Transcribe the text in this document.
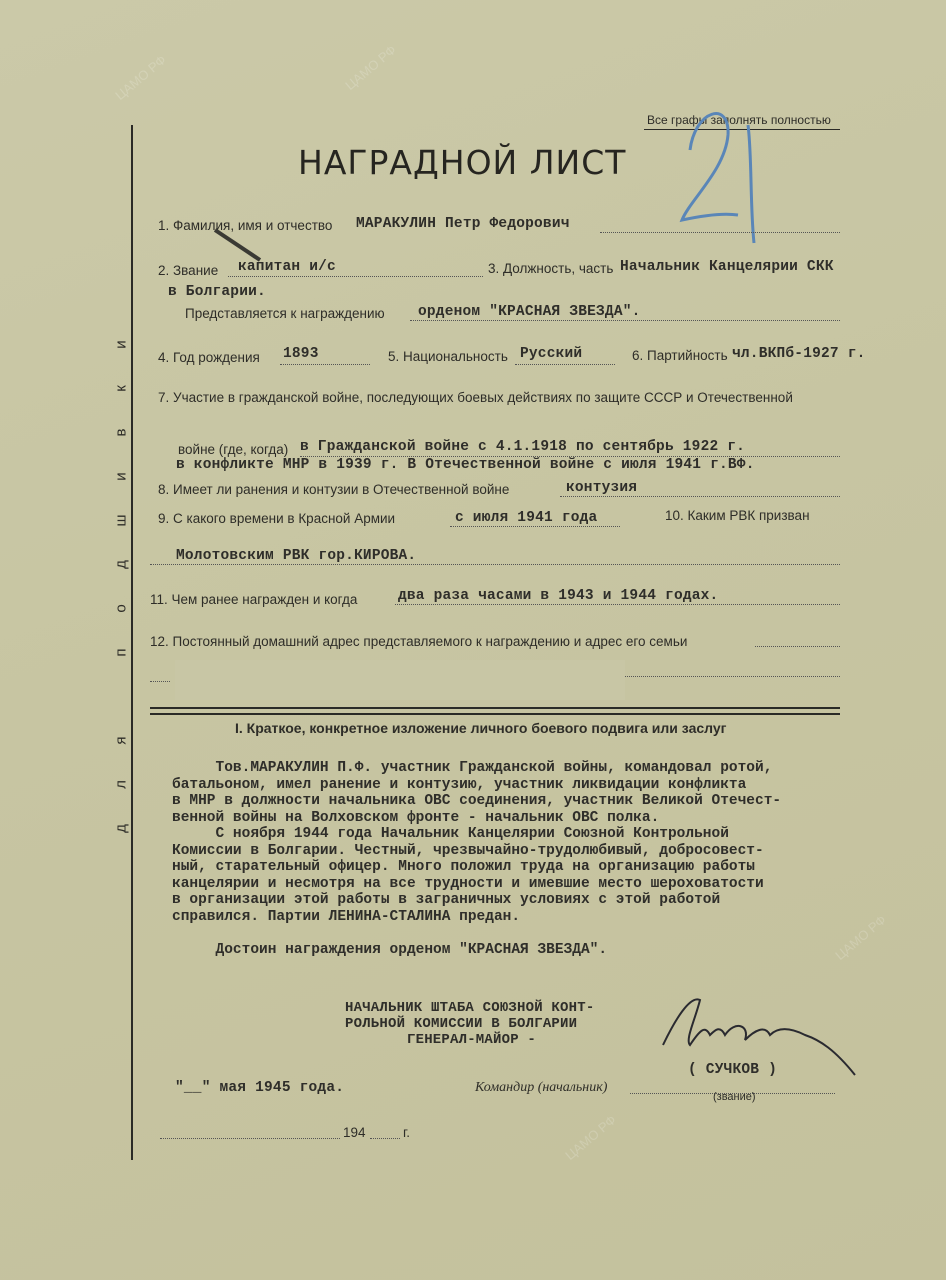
ЦАМО РФ	ЦАМО РФ
ЦАМО РФ
ЦАМО РФ
д
л
я
п
о
д
ш
и
в
к
и
Все графы заполнять полностью
НАГРАДНОЙ ЛИСТ
1. Фамилия, имя и отчество МАРАКУЛИН Петр Федорович
2. Звание капитан и/с	3. Должность, часть Начальник Канцелярии СКК
в Болгарии.
Представляется к награждению орденом "КРАСНАЯ ЗВЕЗДА".
4. Год рождения 1893	5. Национальность Русский	6. Партийность чл.ВКПб-1927 г.
7. Участие в гражданской войне, последующих боевых действиях по защите СССР и Отечественной
войне (где, когда) в Гражданской войне с 4.1.1918 по сентябрь 1922 г.
в конфликте МНР в 1939 г. В Отечественной войне с июля 1941 г.ВФ.
8. Имеет ли ранения и контузии в Отечественной войне	контузия
9. С какого времени в Красной Армии	с июля 1941 года	10. Каким РВК призван
Молотовским РВК гор.КИРОВА.
11. Чем ранее награжден и когда	два раза часами в 1943 и 1944 годах.
12. Постоянный домашний адрес представляемого к награждению и адрес его семьи
I. Краткое, конкретное изложение личного боевого подвига или заслуг
Тов.МАРАКУЛИН П.Ф. участник Гражданской войны, командовал ротой,
батальоном, имел ранение и контузию, участник ликвидации конфликта
в МНР в должности начальника ОВС соединения, участник Великой Отечест-
венной войны на Волховском фронте - начальник ОВС полка.
С ноября 1944 года Начальник Канцелярии Союзной Контрольной
Комиссии в Болгарии. Честный, чрезвычайно-трудолюбивый, добросовест-
ный, старательный офицер. Много положил труда на организацию работы
канцелярии и несмотря на все трудности и имевшие место шероховатости
в организации этой работы в заграничных условиях с этой работой
справился. Партии ЛЕНИНА-СТАЛИНА предан.

Достоин награждения орденом "КРАСНАЯ ЗВЕЗДА".
НАЧАЛЬНИК ШТАБА СОЮЗНОЙ КОНТ-
РОЛЬНОЙ КОМИССИИ В БОЛГАРИИ
ГЕНЕРАЛ-МАЙОР -
( СУЧКОВ )
"__" мая 1945 года.	Командир (начальник)
(звание)
194	г.
